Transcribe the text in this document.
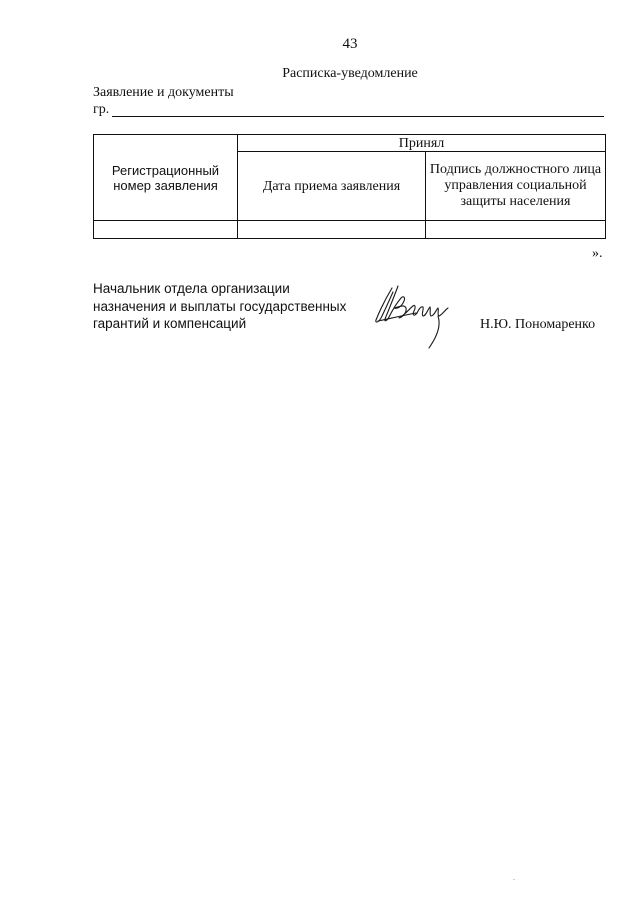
43
Расписка-уведомление
Заявление и документы
гр.
Регистрационный номер заявления	Принял	
	Дата приема заявления	Подпись должностного лица управления социальной защиты населения

».
Начальник отдела организации
назначения и выплаты государственных
гарантий и компенсаций	Н.Ю. Пономаренко
